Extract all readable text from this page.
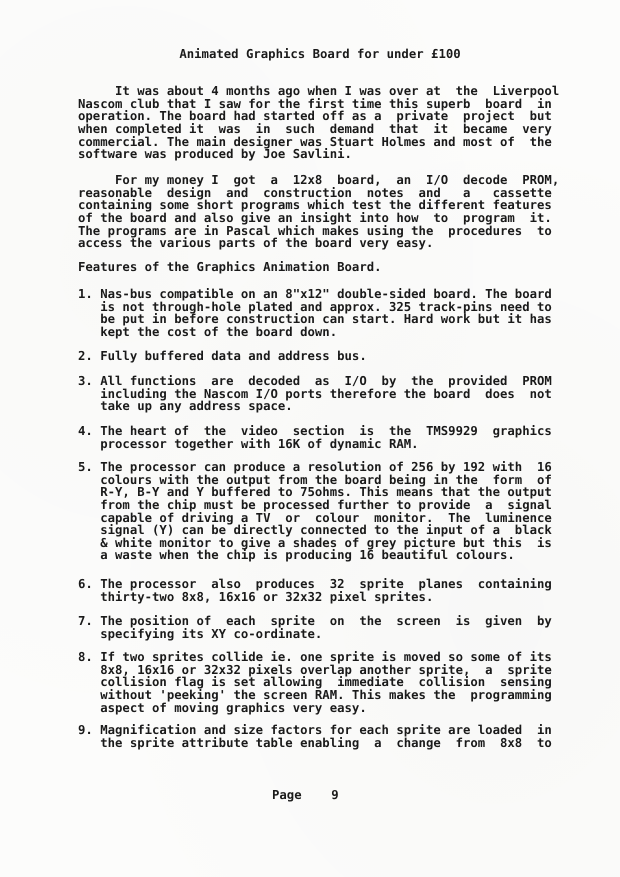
Animated Graphics Board for under £100
It was about 4 months ago when I was over at  the  Liverpool
Nascom club that I saw for the first time this superb  board  in
operation. The board had started off as a  private  project  but
when completed it  was  in  such  demand  that  it  became  very
commercial. The main designer was Stuart Holmes and most of  the
software was produced by Joe Savlini.
For my money I  got  a  12x8  board,  an  I/O  decode  PROM,
reasonable  design  and  construction  notes  and   a   cassette
containing some short programs which test the different features
of the board and also give an insight into how  to  program  it.
The programs are in Pascal which makes using the  procedures  to
access the various parts of the board very easy.
Features of the Graphics Animation Board.
1. Nas-bus compatible on an 8"x12" double-sided board. The board
is not through-hole plated and approx. 325 track-pins need to
be put in before construction can start. Hard work but it has
kept the cost of the board down.
2. Fully buffered data and address bus.
3. All functions  are  decoded  as  I/O  by  the  provided  PROM
including the Nascom I/O ports therefore the board  does  not
take up any address space.
4. The heart of  the  video  section  is  the  TMS9929  graphics
processor together with 16K of dynamic RAM.
5. The processor can produce a resolution of 256 by 192 with  16
colours with the output from the board being in the  form  of
R-Y, B-Y and Y buffered to 75ohms. This means that the output
from the chip must be processed further to provide  a  signal
capable of driving a TV  or  colour  monitor.  The  luminence
signal (Y) can be directly connected to the input of a  black
& white monitor to give a shades of grey picture but this  is
a waste when the chip is producing 16 beautiful colours.
6. The processor  also  produces  32  sprite  planes  containing
thirty-two 8x8, 16x16 or 32x32 pixel sprites.
7. The position of  each  sprite  on  the  screen  is  given  by
specifying its XY co-ordinate.
8. If two sprites collide ie. one sprite is moved so some of its
8x8, 16x16 or 32x32 pixels overlap another sprite,  a  sprite
collision flag is set allowing  immediate  collision  sensing
without 'peeking' the screen RAM. This makes the  programming
aspect of moving graphics very easy.
9. Magnification and size factors for each sprite are loaded  in
the sprite attribute table enabling  a  change  from  8x8  to
Page    9
